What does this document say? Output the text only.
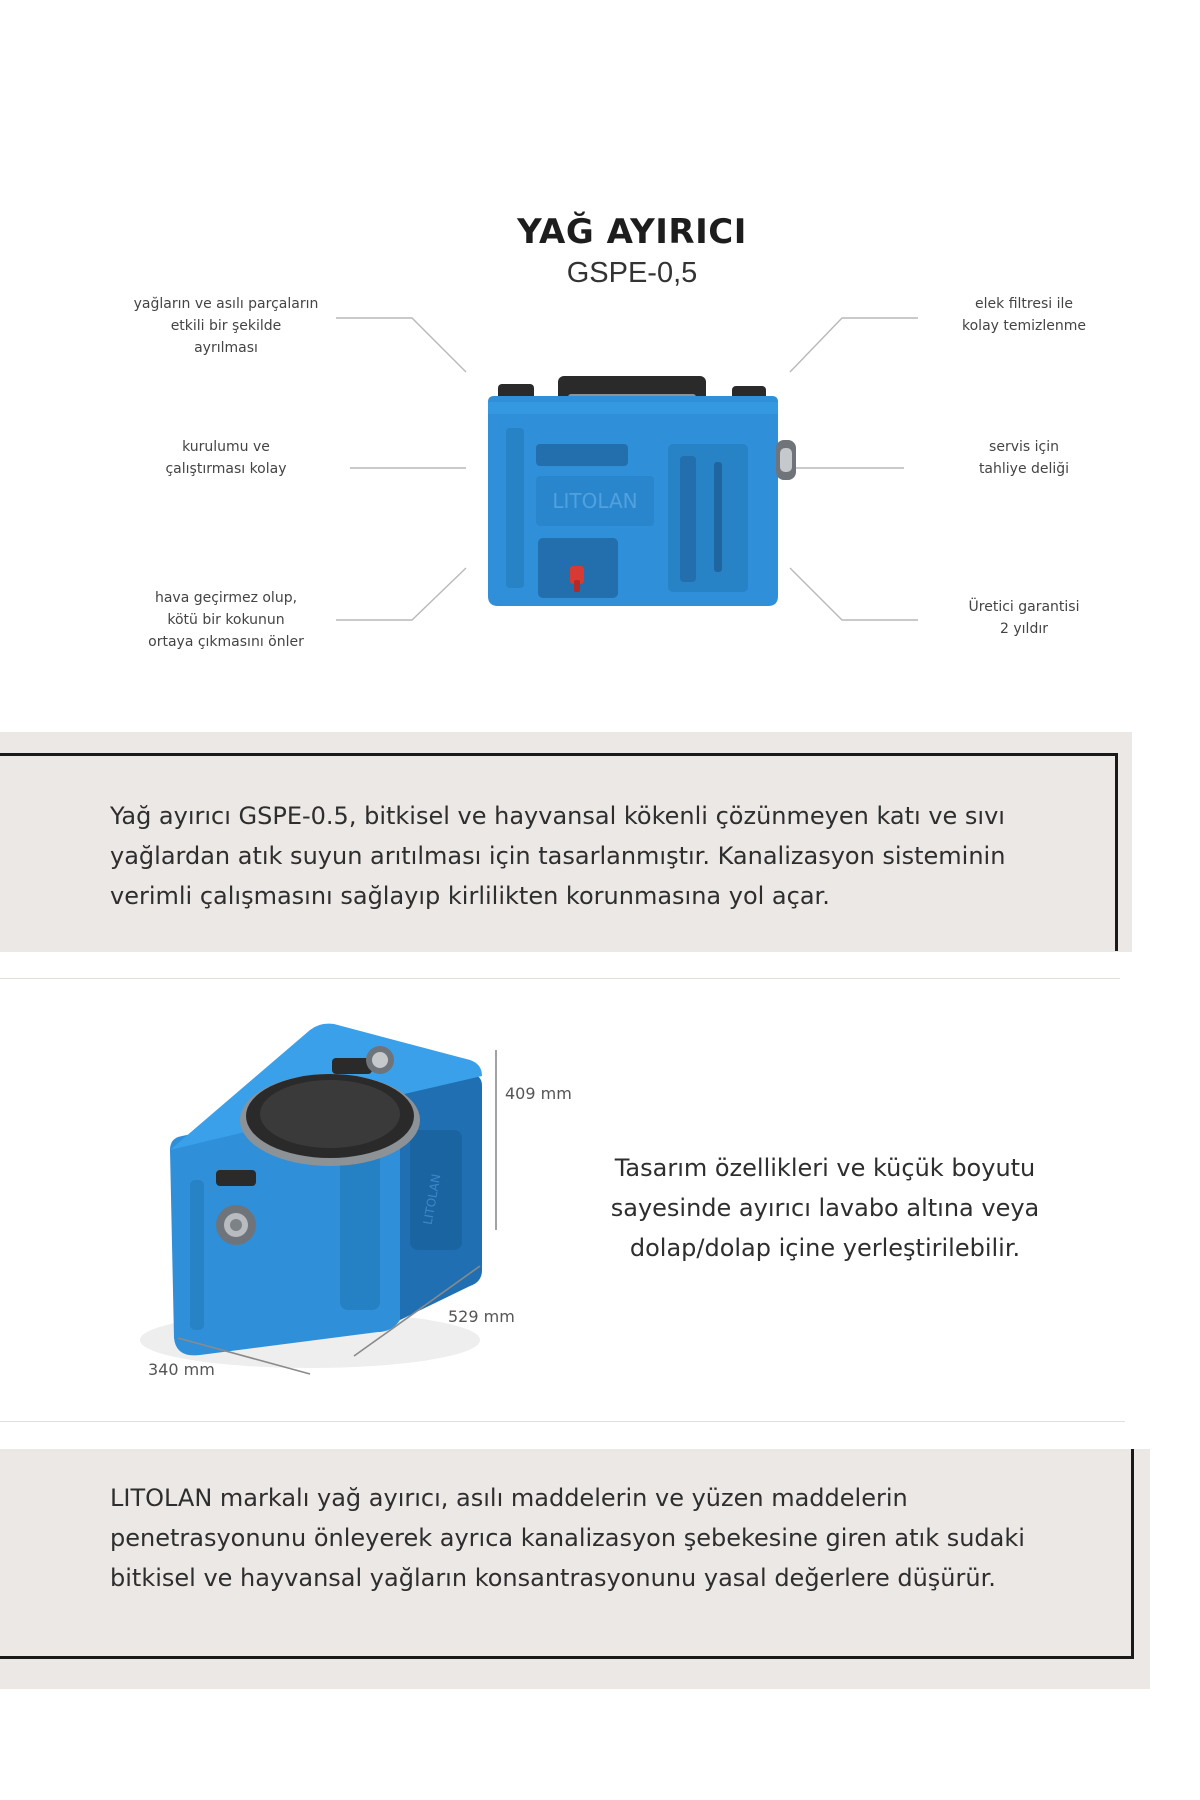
YAĞ AYIRICI
GSPE-0,5
yağların ve asılı parçaların
etkili bir şekilde
ayrılması
kurulumu ve
çalıştırması kolay
hava geçirmez olup,
kötü bir kokunun
ortaya çıkmasını önler
elek filtresi ile
kolay temizlenme
servis için
tahliye deliği
Üretici garantisi
2 yıldır
LITOLAN
Yağ ayırıcı GSPE-0.5, bitkisel ve hayvansal kökenli çözünmeyen katı ve sıvı yağlardan atık suyun arıtılması için tasarlanmıştır. Kanalizasyon sisteminin verimli çalışmasını sağlayıp kirlilikten korunmasına yol açar.
LITOLAN
409 mm
529 mm
340 mm
Tasarım özellikleri ve küçük boyutu sayesinde ayırıcı lavabo altına veya dolap/dolap içine yerleştirilebilir.
LITOLAN markalı yağ ayırıcı, asılı maddelerin ve yüzen maddelerin penetrasyonunu önleyerek ayrıca kanalizasyon şebekesine giren atık sudaki bitkisel ve hayvansal yağların konsantrasyonunu yasal değerlere düşürür.
